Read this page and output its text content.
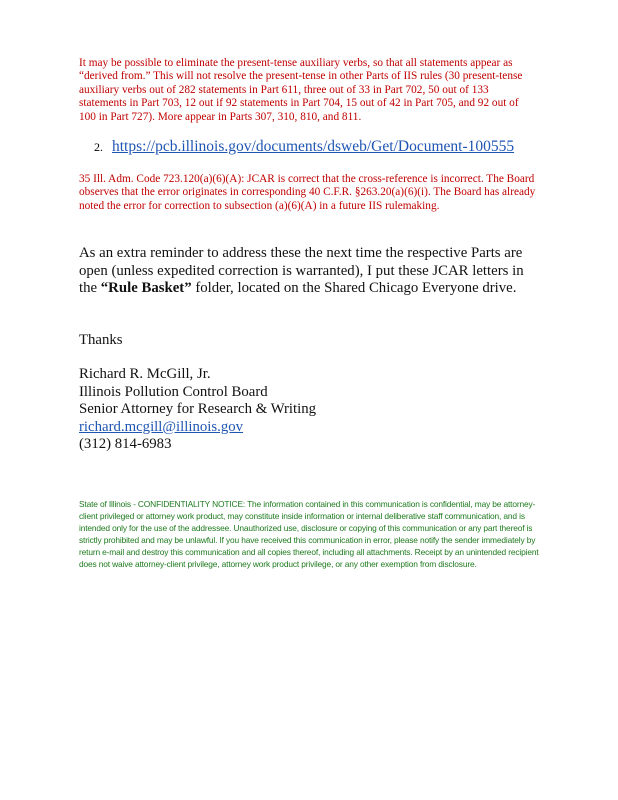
It may be possible to eliminate the present-tense auxiliary verbs, so that all statements appear as “derived from.” This will not resolve the present-tense in other Parts of IIS rules (30 present-tense auxiliary verbs out of 282 statements in Part 611, three out of 33 in Part 702, 50 out of 133 statements in Part 703, 12 out if 92 statements in Part 704, 15 out of 42 in Part 705, and 92 out of 100 in Part 727). More appear in Parts 307, 310, 810, and 811.

2. https://pcb.illinois.gov/documents/dsweb/Get/Document-100555

35 Ill. Adm. Code 723.120(a)(6)(A): JCAR is correct that the cross-reference is incorrect. The Board observes that the error originates in corresponding 40 C.F.R. §263.20(a)(6)(i). The Board has already noted the error for correction to subsection (a)(6)(A) in a future IIS rulemaking.

As an extra reminder to address these the next time the respective Parts are open (unless expedited correction is warranted), I put these JCAR letters in the “Rule Basket” folder, located on the Shared Chicago Everyone drive.

Thanks

Richard R. McGill, Jr.
Illinois Pollution Control Board
Senior Attorney for Research & Writing
richard.mcgill@illinois.gov
(312) 814-6983

State of Illinois - CONFIDENTIALITY NOTICE: The information contained in this communication is confidential, may be attorney-client privileged or attorney work product, may constitute inside information or internal deliberative staff communication, and is intended only for the use of the addressee. Unauthorized use, disclosure or copying of this communication or any part thereof is strictly prohibited and may be unlawful. If you have received this communication in error, please notify the sender immediately by return e-mail and destroy this communication and all copies thereof, including all attachments. Receipt by an unintended recipient does not waive attorney-client privilege, attorney work product privilege, or any other exemption from disclosure.
